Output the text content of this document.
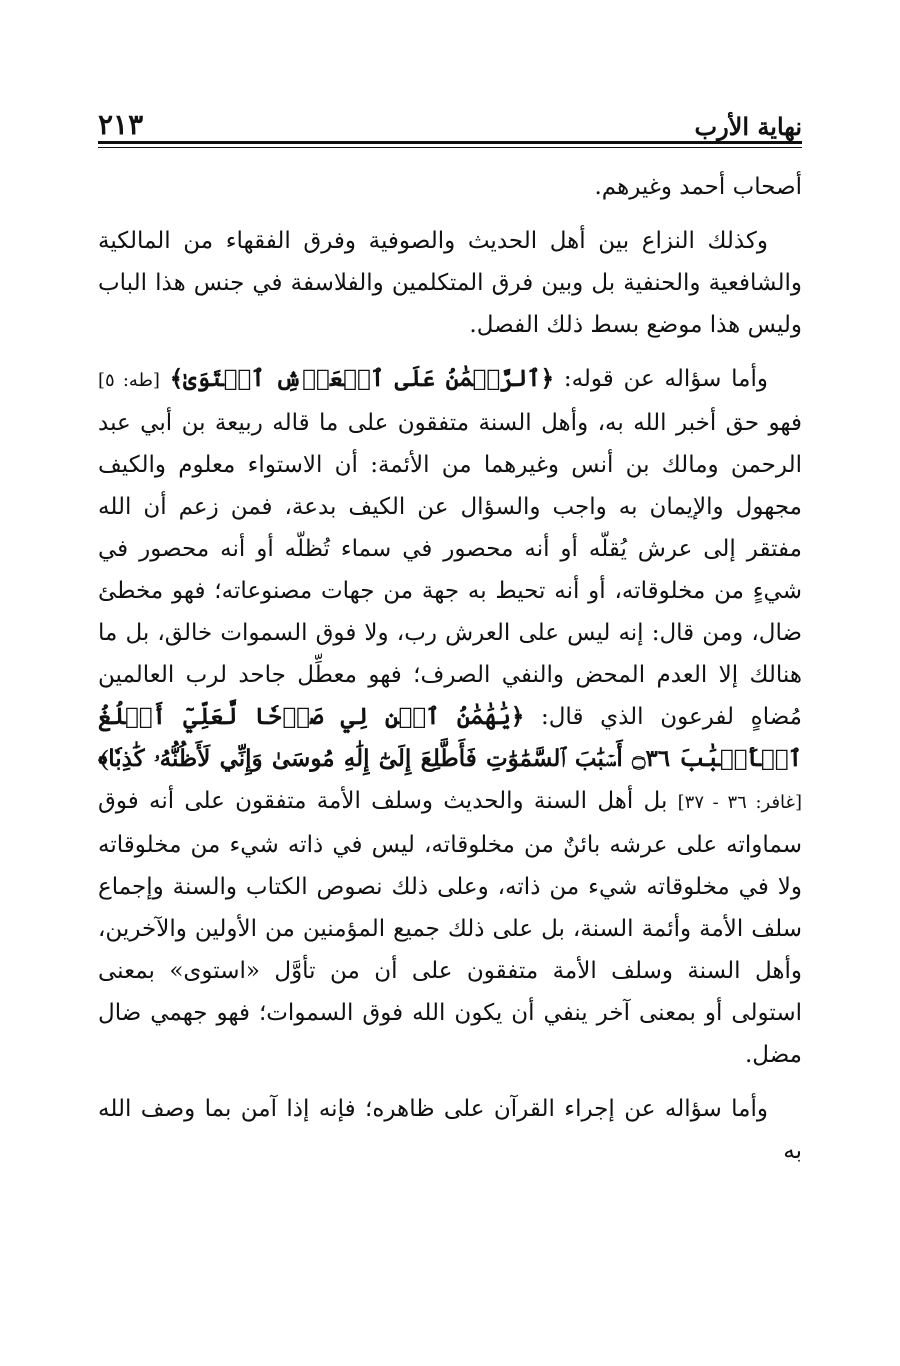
نهاية الأرب
٢١٣

أصحاب أحمد وغيرهم.

وكذلك النزاع بين أهل الحديث والصوفية وفرق الفقهاء من المالكية والشافعية والحنفية بل وبين فرق المتكلمين والفلاسفة في جنس هذا الباب وليس هذا موضع بسط ذلك الفصل.

وأما سؤاله عن قوله: ﴿ٱلرَّحۡمَٰنُ عَلَى ٱلۡعَرۡشِ ٱسۡتَوَىٰ﴾ [طه: ٥] فهو حق أخبر الله به، وأهل السنة متفقون على ما قاله ربيعة بن أبي عبد الرحمن ومالك بن أنس وغيرهما من الأئمة: أن الاستواء معلوم والكيف مجهول والإيمان به واجب والسؤال عن الكيف بدعة، فمن زعم أن الله مفتقر إلى عرش يُقلّه أو أنه محصور في سماء تُظلّه أو أنه محصور في شيءٍ من مخلوقاته، أو أنه تحيط به جهة من جهات مصنوعاته؛ فهو مخطئ ضال، ومن قال: إنه ليس على العرش رب، ولا فوق السموات خالق، بل ما هنالك إلا العدم المحض والنفي الصرف؛ فهو معطِّل جاحد لرب العالمين مُضاهٍ لفرعون الذي قال: ﴿يَٰهَٰمَٰنُ ٱبۡنِ لِي صَرۡحٗا لَّعَلِّيٓ أَبۡلُغُ ٱلۡأَسۡبَٰبَ ۝٣٦ أَسۡبَٰبَ ٱلسَّمَٰوَٰتِ فَأَطَّلِعَ إِلَىٰٓ إِلَٰهِ مُوسَىٰ وَإِنِّي لَأَظُنُّهُۥ كَٰذِبٗا﴾ [غافر: ٣٦ - ٣٧] بل أهل السنة والحديث وسلف الأمة متفقون على أنه فوق سماواته على عرشه بائنٌ من مخلوقاته، ليس في ذاته شيء من مخلوقاته ولا في مخلوقاته شيء من ذاته، وعلى ذلك نصوص الكتاب والسنة وإجماع سلف الأمة وأئمة السنة، بل على ذلك جميع المؤمنين من الأولين والآخرين، وأهل السنة وسلف الأمة متفقون على أن من تأوَّل «استوى» بمعنى استولى أو بمعنى آخر ينفي أن يكون الله فوق السموات؛ فهو جهمي ضال مضل.

وأما سؤاله عن إجراء القرآن على ظاهره؛ فإنه إذا آمن بما وصف الله به
